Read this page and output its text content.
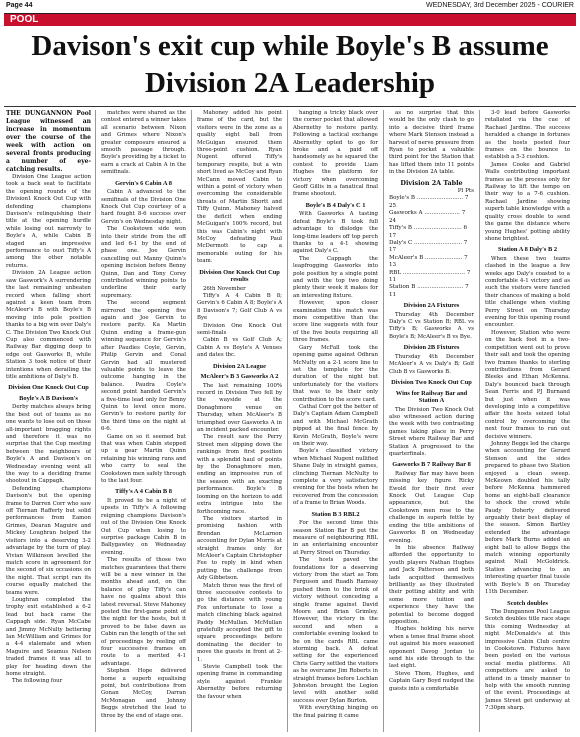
Page 44	WEDNESDAY, 3rd December 2025 - COURIER
POOL
Davison's exit cup while Boyle's B assume Division 2A Leadership

THE DUNGANNON Pool League witnessed an increase in momentum over the course of the week with action on several fronts producing a number of eye-catching results.

Division One League action took a back seat to facilitate the opening rounds of the Division1 Knock Out Cup with defending champions Davison's relinquishing their title at the opening hurdle while losing out narrowly to Boyle's A, while Cabin B staged an impressive performance to oust Tiffy's A among the other notable returns.

Division 2A League action saw Gaswork's A surrendering the last remaining unbeaten record when falling short against a keen team from McAleer's B with Boyle's B moving into pole position thanks to a big win over Daly's C. The Division Two Knock Out Cup also commenced with Railway Bar digging deep to edge out Gasworks B, while Station 3 took notice of their intentions when derailing the title ambitions of Daly's B.

Division One Knock Out Cup
Boyle's A B Davison's

Derby matches always bring the best out of teams as no one wants to lose out on those all-important bragging rights and therefore it was no surprise that the Cup meeting between the neighbours of Boyle's A and Davison's on Wednesday evening went all the way to a deciding frame shootout in Cappagh.

Defending champions Davison's but the opening frame to Darren Corr who saw off Tiernan Rafferty but solid performances from Eamon Grimes, Dearan Maguire and Mickey Loughran helped the visitors into a deserving 3-2 advantage by the turn of play. Vivian Wilkinson levelled the match score in agreement for the second of six occasions on the night. That script ran its course equally matched the teams were.

Loughran completed the trophy exit established a 6-2 lead but back came the Cappagh side. Ryan McCabe and Jimmy McNulty bettering Ian McWilliam and Grimes for a 4-4 stalemate and when Maguire and Seamus Nelson traded frames it was all to play for heading down the home straight.

The following four

matches were shared as the contest entered a winner takes all scenario between Nixon and Grimes where Nixon's greater composure ensured a smooth passage through. Boyle's providing by a ticket to earn a crack at Cabin A in the semifinals.

Gervin's 6 Cabin A 8

Cabin A advanced to the semifinals of the Division One Knock Out Cup courtesy of a hard fought 8-6 success over Gervin's on Wednesday night.

The Cookstown side won into their stride from the off and led 6-1 by the end of phase one. Joe Gervin cancelling out Manny Quinn's opening incision before Benny Quinn, Dan and Tony Corey contributed winning points to underline their early supremacy.

The second segment mirrored the opening five again and Joe Gervin to restore parity. Ka Martin Quinn ending a frame-gun winning sequence for Gervin's after Paudies Coyle, Gervin, Philip Gervin and Conal Gervin had all mustered valuable points to leave the outcome hanging in the balance. Paudra Coyle's second point handed Gervin's a five-time lead only for Benny Quinn to level once more. Gervin's to restore parity for the third time on the night at 6-6.

Game on so it seemed but that was when Cabin stepped up a gear Martin Quinn retaining his winning runs and who carry to seal the Cookstown men safely through to the last four.

Tiffy's A 4 Cabin B 8

It proved to be a night of upsets in Tiffy's A following reigning champions Davison's out of the Division One Knock Out Cup when losing to surprise package Cabin B in Ballygawley on Wednesday evening.

The results of those two matches guarantees that there will be a new winner in the months ahead and, on the balance of play Tiffy's can have no qualms about this latest reversal. Steve Mahoney posted the first-game point of the night for the hosts, but it proved to be false dawn as Cabin ran the length of the set of proceedings by reeling off four successive frames en route to a merited 4-1 advantage.

Stephen Hope delivered home a superb equalising point, but contributions from Gonan McCoy, Darran McMonagan and Johnny Beggs stretched the lead to three by the end of stage one.

Mahoney added his point frame of the card, but the visitors were in the zone as a quality eight ball from McGuigan ensured them three-point cushion. Ryan Nugent offered Tiffy's temporary respite, but a win short lived as McCoy and Ryan McCann moved Cabin to within a point of victory when overcoming the considerable threats of Martin Shortt and Tiffy Quinn. Mahoney halved the deficit when ending McGuigan's 100% record, but this was Cabin's night with McCoy defeating Paul McDermott to cap a memorable outing for his team.

Division One Knock Out Cup results

26th November

Tiffy's A 4 Cabin B 8; Gervin's 6 Cabin A 8; Boyle's A 8 Davison's 7; Golf Club A vs Bye

Division One Knock Out semi-finals

Cabin B vs Golf Club A; Cabin A vs Boyle's A Venues and dates tbc.

Division 2A League
McAleer's B 3 Gasworks A 2

The last remaining 100% record in Division Two fell by the wayside at the Donaghmore venue on Thursday, when McAleer's B triumphed over Gasworks A in an incident packed encounter.

The result saw the Perry Street men slipping down the rankings from first position with a splendid haul of points by the Donaghmore men, ending an impressive run of the season with an exacting performance. Boyle's B looming on the horizon to add extra intrigue into the forthcoming race.

The visitors started in promising fashion with Brendan McLarnon accounting for Dylan Morris at straight frames only for McAleer's Captain Christopher Fee to reply in kind when putting the challenge from Ady Gibbetson.

Match three was the first of three successive contests to go the distance with young Fox unfortunate to lose a match clinching black against Paddy McMullan. McMullan gratefully accepted the gift to square proceedings before dominating the decider to move the guests in front at 2-1.

Stevie Campbell took the opening frame in commanding style against Frankie Abernethy before returning the favour when

hanging a tricky black over the corner pocket that allowed Abernethy to restore parity. Following a tactical exchange Abernethy opted to go for broke and a paid off handsomely as he squared the contest to provide Liam Hughes the platform for victory when overcoming Geoff Gillis in a fanatical final frame shootout.

Boyle's B 4 Daly's C 1

With Gasworks A tasting defeat Boyle's B took full advantage to dislodge the long-time leaders off top perch thanks to a 4-1 showing against Daly's C.

The Cappagh the leapfrogging Gasworks into pole position by a single point and with the top two doing plenty their week it makes for an interesting fixture.

However, upon closer examination this match was more competitive than the score line suggests with four of the five bouts requiring all three frames.

Gary McFall took the opening game against Odhran McNulty on a 2-1 score line to set the template for the duration of the night but unfortunately for the visitors that was to be their only contribution to the score card.

Cathal Corr got the better of Daly's Captain Adam Campbell and with Michael McGrath pipped at the final fence by Kevin McGrath, Boyle's were on their way.

Boyle's classified victory when Michael Nugent nullified Shane Daly in straight games, clinching Tiernan McNulty to complete a very satisfactory evening for the hosts when he recovered from the concession of a frame to Brian Woods.

Station B 3 RBL2

For the second time this season Station Bar B put the measure of neighbouring RBL in an entertaining encounter at Perry Street on Thursday.

The hosts paved the foundations for a deserving victory from the start as Tom Ferguson and Ruadh Ramsay pushed them to the brink of victory without conceding a single frame against David Moore and Brian Grimley. However, the victory in the second and when a comfortable evening looked to be on the cards RBL came storming back. A defeat setting for the experienced Chris Garry settled the visitors as he overcame Jim Roberts in straight frames before Lochlan Johnston brought the Legion level with another solid success over Dylan Burton.

With everything hinging on the final pairing it came

as no surprise that this would be the only clash to go into a decisive third frame where Mark Stenson instead a harvest of nerve pressure from Ryan to pocket a valuable third point for the Station that has lifted them into 11 points in the Division 2A table.

Division 2A Table
Pl Pts
Boyle's B .......................... 7 25
Gasworks A .................... 7 24
Tiffy's B ........................... 6 17
Daly's C ........................... 7 17
McAleer's B ..................... 7 13
RBL ................................... 7 11
Station B .......................... 7 11
Division 2A Fixtures

Thursday 4th December Daly's C vs Station B; RBL vs Tiffy's B; Gasworks A vs Boyle's B; McAleer's B vs Bye.

Division 2B Fixtures

Thursday 4th December McAleer's A vs Daly's B; Golf Club B vs Gasworks B.

Division Two Knock Out Cup
Wins for Railway Bar and Station A

The Division Two Knock Out also witnessed action during the week with two contrasting games taking place in Perry Street where Railway Bar and Station A progressed to the quarterfinals.

Gasworks B 7 Railway Bar 8

Railway Bar may have been missing key figure Ricky Ewold for their first ever Knock Out League Cup appearance, but the Cookstown men rose to the challenge in superb fettle by ending the title ambitions of Gasworks B on Wednesday evening.

In his absence Railway afforded the opportunity to youth players Nathan Hughes and Jack Patterson and both lads acquitted themselves brilliantly as they illustrated their potting ability and with some more tuition and experience they have the potential to become dogged opposition.

Hughes holding his nerve when a tense final frame shoot out against his more seasoned opponent Davog Jordan to send his side through to the last eight.

Steve Thom, Hughes, and Captain Gary Boyd nudged the guests into a comfortable

3-0 lead before Gasworks retaliated via the cue of Rachael Jardine. The success heralded a change in fortunes as the hosts posted four frames on the bounce to establish a 5-3 cushion.

James Cooke and Gabriel Walls contributing important frames as the process only for Railway to lift the tempo on their way to a 7-6 cushion. Rachael Jardine showing superb table knowledge with a quality cross double to send the game the distance where young Hughes' potting ability shone brightest.

Station A 8 Daly's B 2

When these two teams clashed in the league a few weeks ago Daly's coasted to a comfortable 4-1 victory and as such the visitors were fancied their chances of making a bold title challenge when visiting Perry Street on Thursday evening for this opening round encounter.

However, Station who were on the back foot in a two-competition went out to prove their salt and took the opening two frames thanks to sterling contributions from Gerard Bleeks and Ethan McKenna. Daly's bounced back through Sean Ferris and PJ Burnand but just when it was developing into a competitive affair the hosts seized total control by overcoming the next four frames to run out decisive winners.

Johnny Beggs led the charge when accounting for Gerard Stenson and the sides prepared to phase two Station enjoyed a clean sweep. McKeown doubled his tally before McKenna hammered home an eight-ball clearance to shock the crowd while Paudy Doherty delivered arguably their best display of the season. Simon Bartley extended the advantage before Mark Burns added an eight ball to allow Beggs the match winning opportunity against Niall McGoldrick. Station advancing to an interesting quarter final tussle with Boyle's B on Thursday 11th December.

Scotch doubles

The Dungannon Pool League Scotch doubles title race stage this coming Wednesday at night McDonalds's at this impressive Cabin Club centre in Cookstown. Fixtures have been posted on the various social media platforms. All competitors are asked to attend in a timely manner to help with the smooth running of the event. Proceedings at James Street get underway at 7:30pm sharp.
